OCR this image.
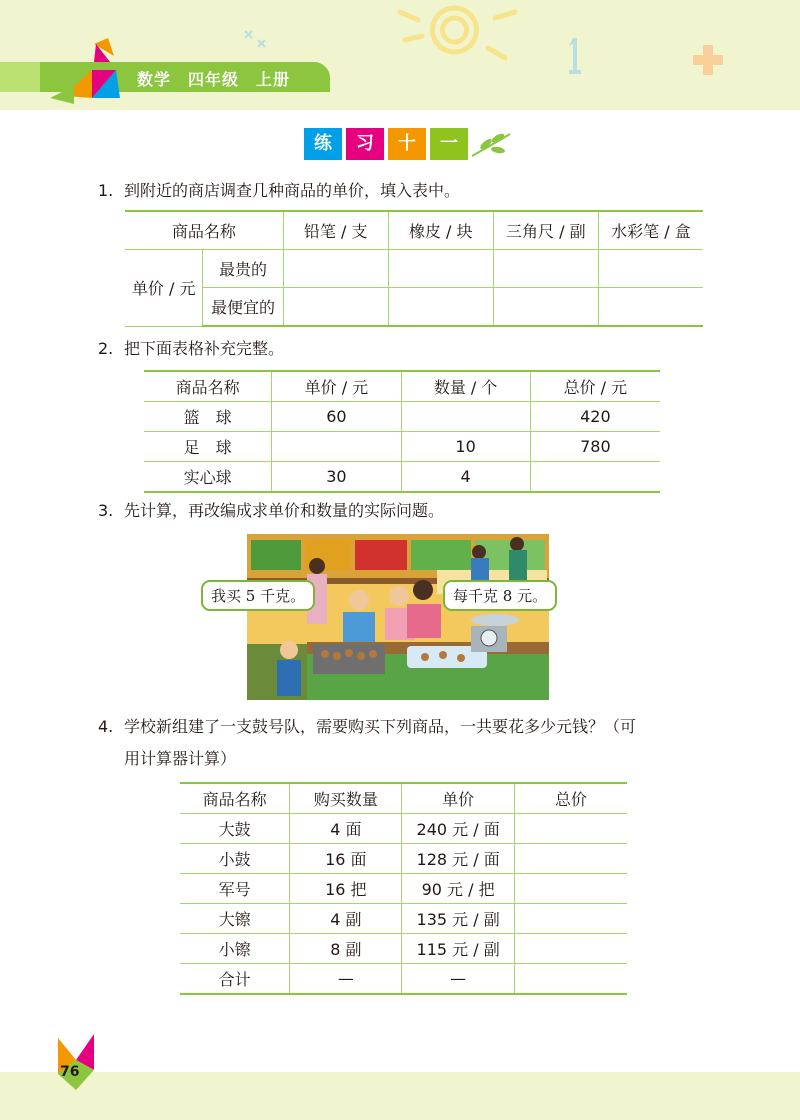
数学　四年级　上册
练	习	十	一
1. 到附近的商店调查几种商品的单价，填入表中。
商品名称		铅笔 / 支	橡皮 / 块	三角尺 / 副	水彩笔 / 盒
单价 / 元	最贵的				
	最便宜的				
2. 把下面表格补充完整。
商品名称	单价 / 元	数量 / 个	总价 / 元
篮　球	60		420
足　球		10	780
实心球	30	4	
3. 先计算，再改编成求单价和数量的实际问题。
我买 5 千克。	每千克 8 元。
4. 学校新组建了一支鼓号队，需要购买下列商品，一共要花多少元钱？（可
用计算器计算）
商品名称	购买数量	单价	总价
大鼓	4 面	240 元 / 面	
小鼓	16 面	128 元 / 面	
军号	16 把	90 元 / 把	
大镲	4 副	135 元 / 副	
小镲	8 副	115 元 / 副	
合计	—	—	
76
